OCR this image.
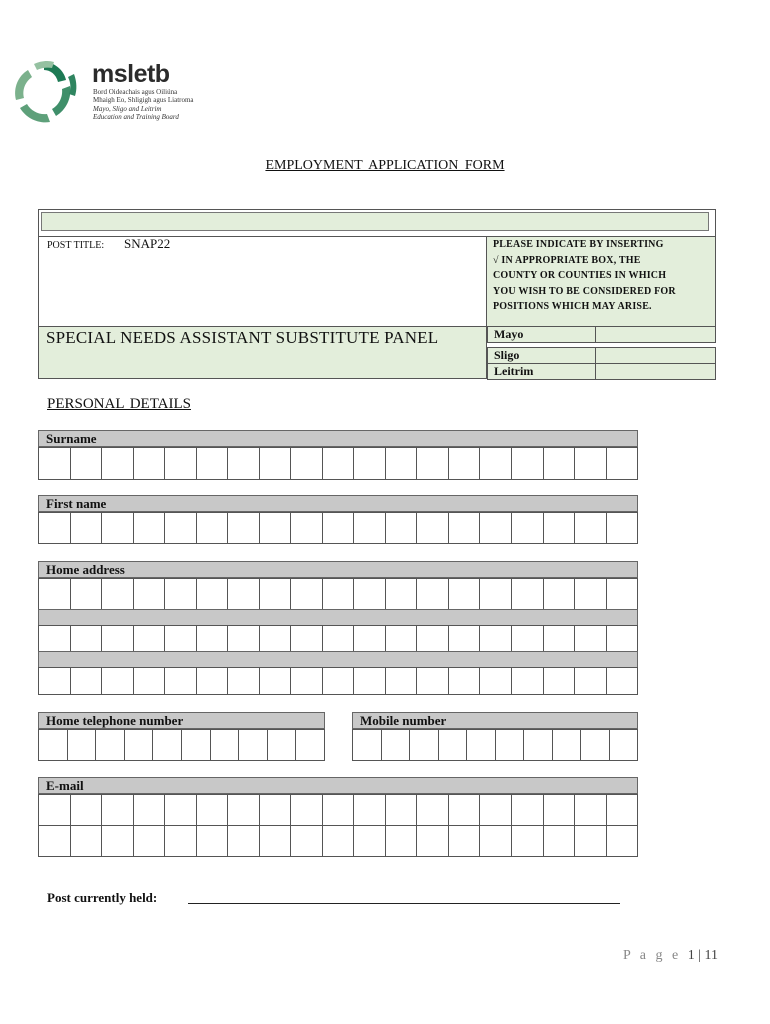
msletb
Bord Oideachais agus Oiliúna
Mhaigh Eo, Shligigh agus Liatroma
Mayo, Sligo and Leitrim
Education and Training Board
EMPLOYMENT APPLICATION FORM
POST TITLE: SNAP22	PLEASE INDICATE BY INSERTING
√ IN APPROPRIATE BOX, THE
COUNTY OR COUNTIES IN WHICH
YOU WISH TO BE CONSIDERED FOR
POSITIONS WHICH MAY ARISE.
SPECIAL NEEDS ASSISTANT SUBSTITUTE PANEL	Mayo
Sligo
Leitrim
PERSONAL DETAILS
Surname
First name
Home address
Home telephone number	Mobile number
E-mail
Post currently held:
P a g e 1 | 11
